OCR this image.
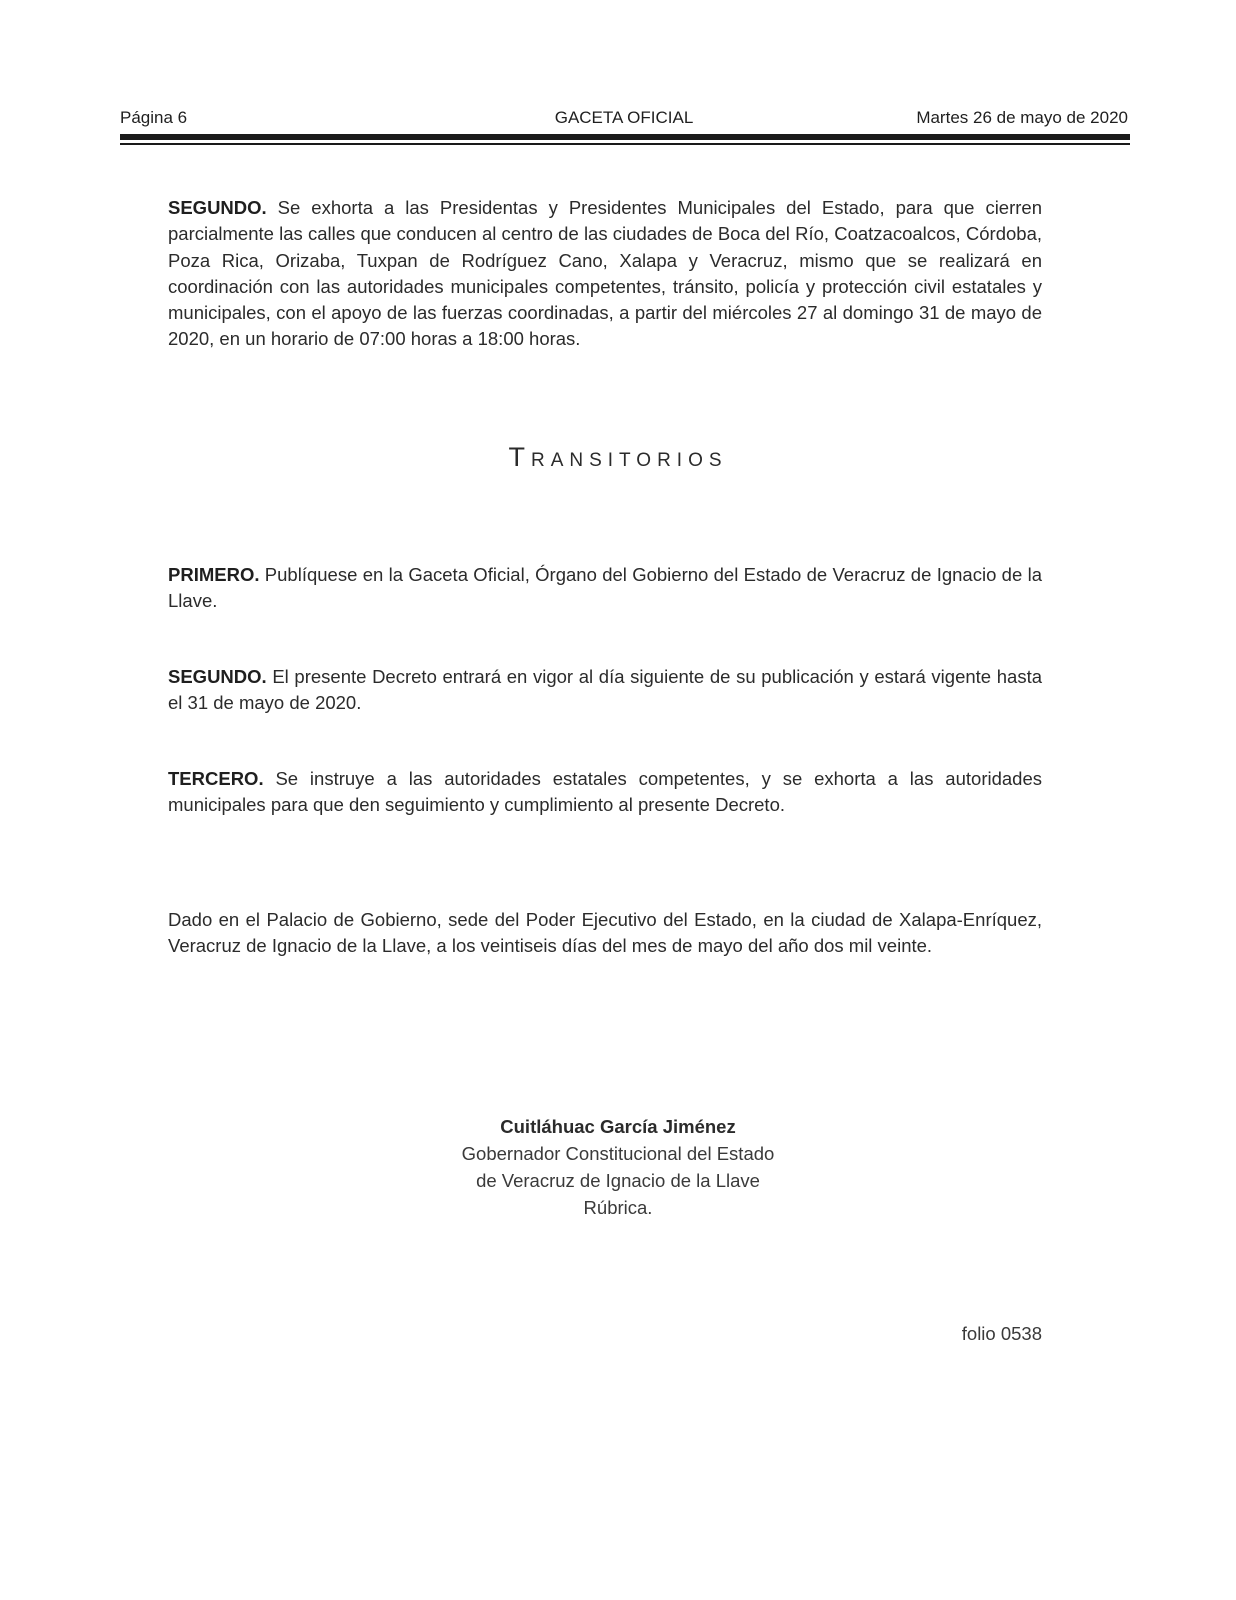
Página 6	GACETA OFICIAL	Martes 26 de mayo de 2020
SEGUNDO. Se exhorta a las Presidentas y Presidentes Municipales del Estado, para que cierren parcialmente las calles que conducen al centro de las ciudades de Boca del Río, Coatzacoalcos, Córdoba, Poza Rica, Orizaba, Tuxpan de Rodríguez Cano, Xalapa y Veracruz, mismo que se realizará en coordinación con las autoridades municipales competentes, tránsito, policía y protección civil estatales y municipales, con el apoyo de las fuerzas coordinadas, a partir del miércoles 27 al domingo 31 de mayo de 2020, en un horario de 07:00 horas a 18:00 horas.
TRANSITORIOS
PRIMERO. Publíquese en la Gaceta Oficial, Órgano del Gobierno del Estado de Veracruz de Ignacio de la Llave.
SEGUNDO. El presente Decreto entrará en vigor al día siguiente de su publicación y estará vigente hasta el 31 de mayo de 2020.
TERCERO. Se instruye a las autoridades estatales competentes, y se exhorta a las autoridades municipales para que den seguimiento y cumplimiento al presente Decreto.
Dado en el Palacio de Gobierno, sede del Poder Ejecutivo del Estado, en la ciudad de Xalapa-Enríquez, Veracruz de Ignacio de la Llave, a los veintiseis días del mes de mayo del año dos mil veinte.
Cuitláhuac García Jiménez
Gobernador Constitucional del Estado
de Veracruz de Ignacio de la Llave
Rúbrica.
folio 0538
